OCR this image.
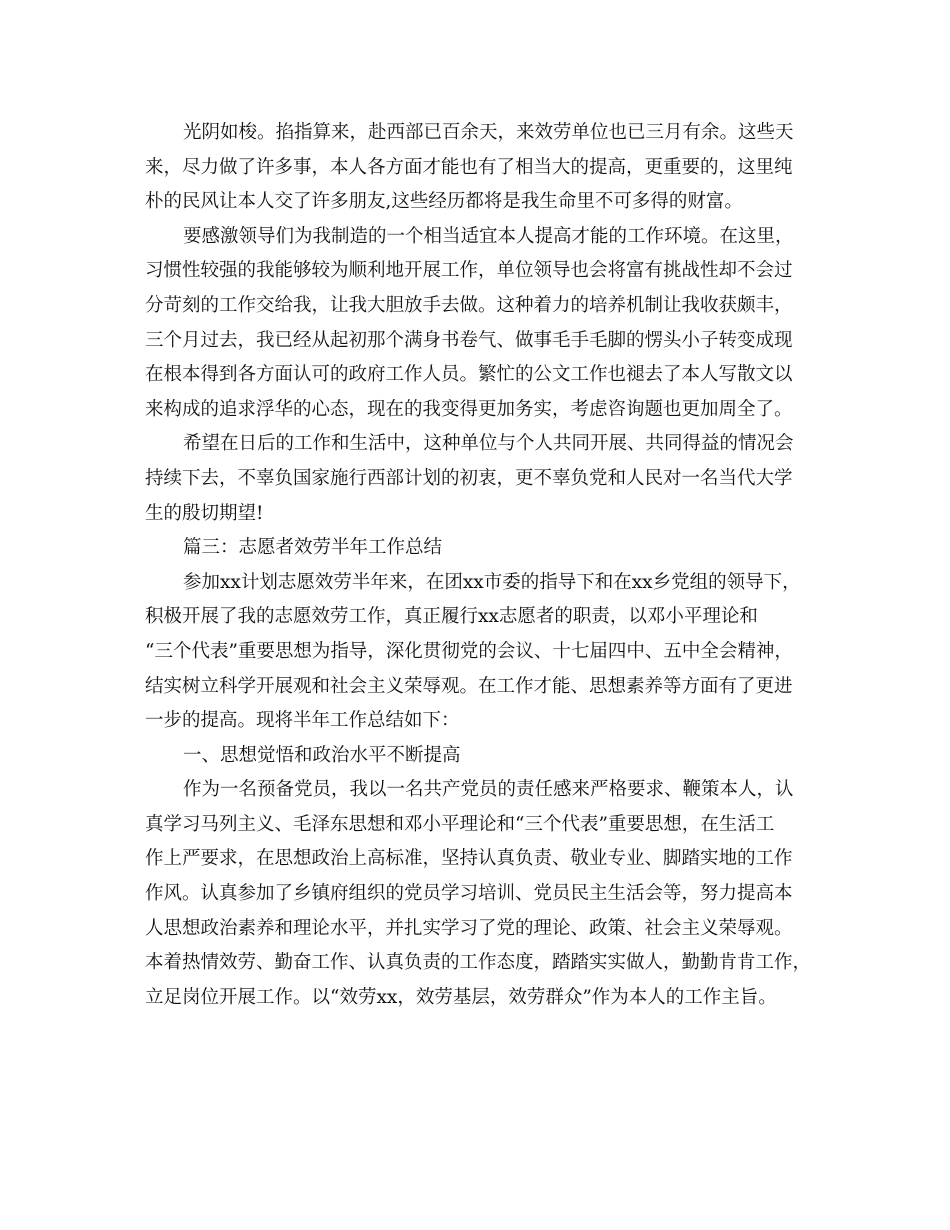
光阴如梭。掐指算来，赴西部已百余天，来效劳单位也已三月有余。这些天
来，尽力做了许多事，本人各方面才能也有了相当大的提高，更重要的，这里纯
朴的民风让本人交了许多朋友,这些经历都将是我生命里不可多得的财富。
要感激领导们为我制造的一个相当适宜本人提高才能的工作环境。在这里，
习惯性较强的我能够较为顺利地开展工作，单位领导也会将富有挑战性却不会过
分苛刻的工作交给我，让我大胆放手去做。这种着力的培养机制让我收获颇丰，
三个月过去，我已经从起初那个满身书卷气、做事毛手毛脚的愣头小子转变成现
在根本得到各方面认可的政府工作人员。繁忙的公文工作也褪去了本人写散文以
来构成的追求浮华的心态，现在的我变得更加务实，考虑咨询题也更加周全了。
希望在日后的工作和生活中，这种单位与个人共同开展、共同得益的情况会
持续下去，不辜负国家施行西部计划的初衷，更不辜负党和人民对一名当代大学
生的殷切期望!
篇三：志愿者效劳半年工作总结
参加xx计划志愿效劳半年来，在团xx市委的指导下和在xx乡党组的领导下，
积极开展了我的志愿效劳工作，真正履行xx志愿者的职责，以邓小平理论和
“三个代表”重要思想为指导，深化贯彻党的会议、十七届四中、五中全会精神，
结实树立科学开展观和社会主义荣辱观。在工作才能、思想素养等方面有了更进
一步的提高。现将半年工作总结如下：
一、思想觉悟和政治水平不断提高
作为一名预备党员，我以一名共产党员的责任感来严格要求、鞭策本人，认
真学习马列主义、毛泽东思想和邓小平理论和“三个代表”重要思想，在生活工
作上严要求，在思想政治上高标准，坚持认真负责、敬业专业、脚踏实地的工作
作风。认真参加了乡镇府组织的党员学习培训、党员民主生活会等，努力提高本
人思想政治素养和理论水平，并扎实学习了党的理论、政策、社会主义荣辱观。
本着热情效劳、勤奋工作、认真负责的工作态度，踏踏实实做人，勤勤肯肯工作，
立足岗位开展工作。以“效劳xx，效劳基层，效劳群众”作为本人的工作主旨。
